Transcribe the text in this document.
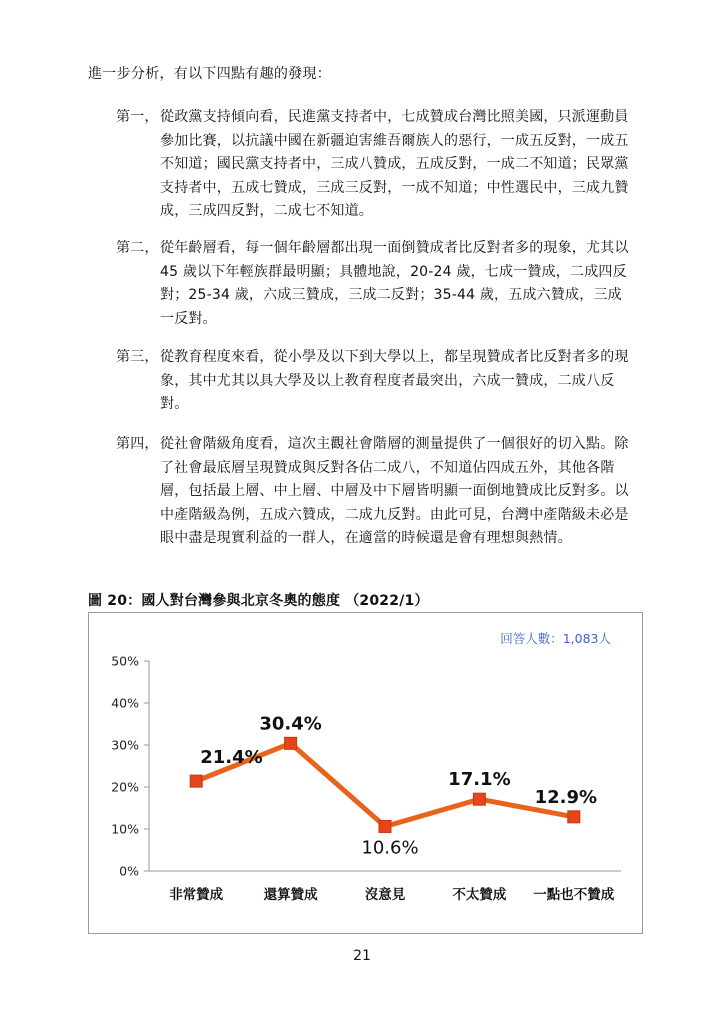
進一步分析，有以下四點有趣的發現：
第一， 從政黨支持傾向看，民進黨支持者中，七成贊成台灣比照美國，只派運動員參加比賽，以抗議中國在新疆迫害維吾爾族人的惡行，一成五反對，一成五不知道；國民黨支持者中，三成八贊成，五成反對，一成二不知道；民眾黨支持者中，五成七贊成，三成三反對，一成不知道；中性選民中，三成九贊成，三成四反對，二成七不知道。
第二， 從年齡層看，每一個年齡層都出現一面倒贊成者比反對者多的現象，尤其以 45 歲以下年輕族群最明顯；具體地說，20-24 歲，七成一贊成，二成四反對；25-34 歲，六成三贊成，三成二反對；35-44 歲，五成六贊成，三成一反對。
第三， 從教育程度來看，從小學及以下到大學以上，都呈現贊成者比反對者多的現象，其中尤其以具大學及以上教育程度者最突出，六成一贊成，二成八反對。
第四， 從社會階級角度看，這次主觀社會階層的測量提供了一個很好的切入點。除了社會最底層呈現贊成與反對各佔二成八，不知道佔四成五外，其他各階層，包括最上層、中上層、中層及中下層皆明顯一面倒地贊成比反對多。以中產階級為例，五成六贊成，二成九反對。由此可見，台灣中產階級未必是眼中盡是現實利益的一群人，在適當的時候還是會有理想與熱情。
圖 20：國人對台灣參與北京冬奧的態度 （2022/1）
回答人數：1,083人
0%
10%
20%
30%
40%
50%
非常贊成	還算贊成	沒意見	不太贊成 一點也不贊成
21.4%
30.4%
10.6%
17.1%
12.9%
21
